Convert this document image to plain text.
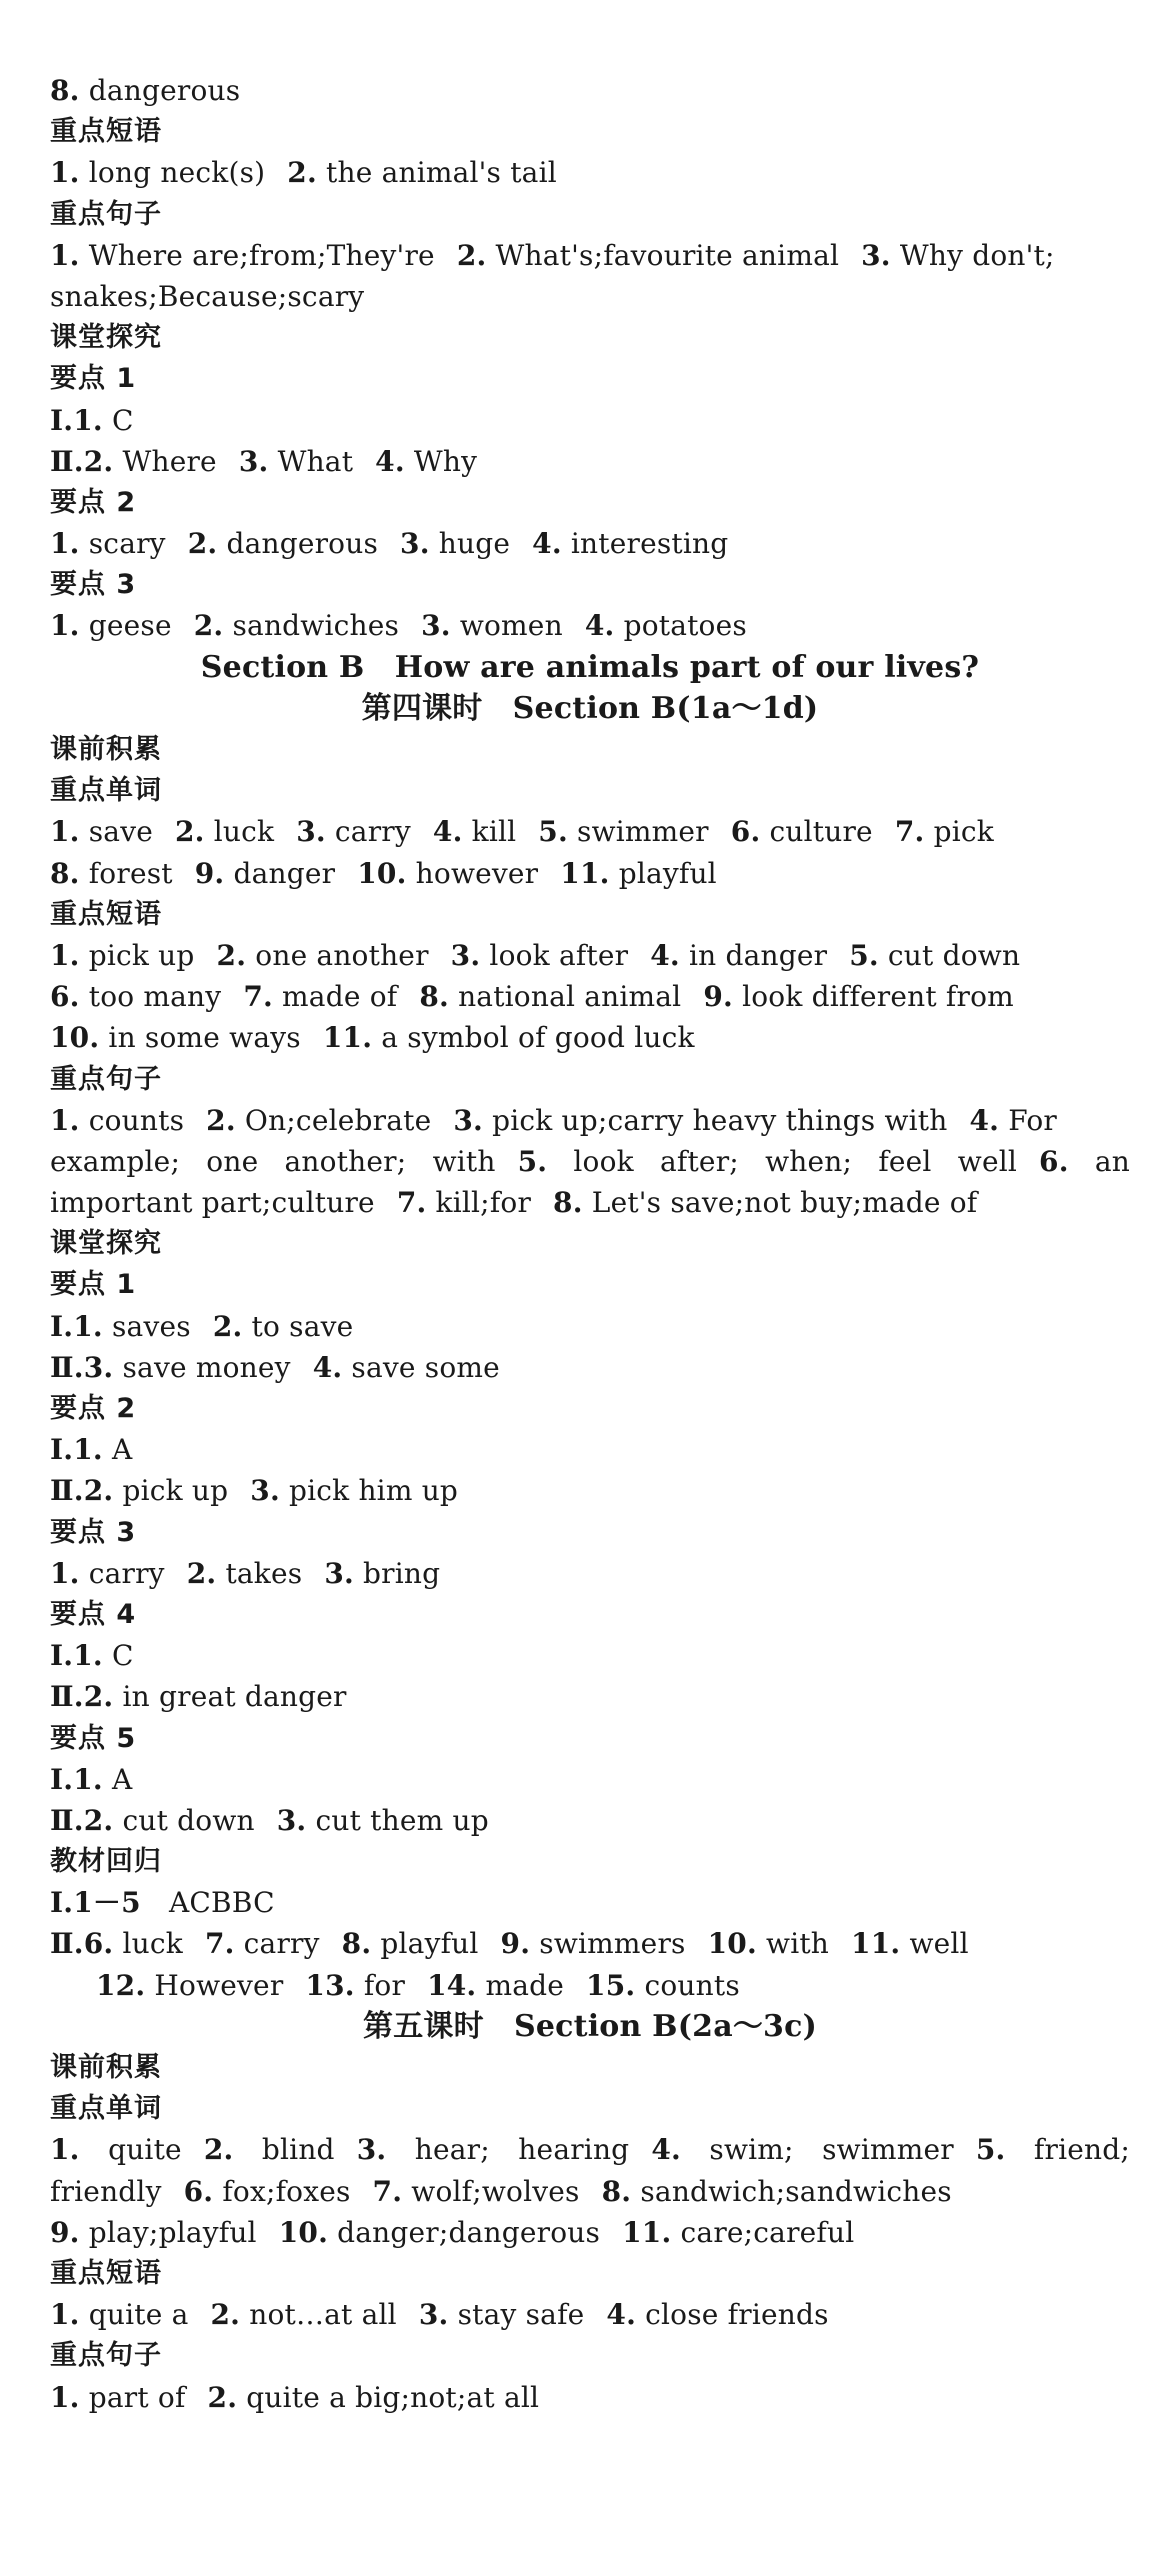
8. dangerous
重点短语
1. long neck(s) 2. the animal's tail
重点句子
1. Where are;from;They're 2. What's;favourite animal 3. Why don't;
snakes;Because;scary
课堂探究
要点 1
Ⅰ.1. C
Ⅱ.2. Where 3. What 4. Why
要点 2
1. scary 2. dangerous 3. huge 4. interesting
要点 3
1. geese 2. sandwiches 3. women 4. potatoes
Section B　How are animals part of our lives?
第四课时　Section B(1a～1d)
课前积累
重点单词
1. save 2. luck 3. carry 4. kill 5. swimmer 6. culture 7. pick
8. forest 9. danger 10. however 11. playful
重点短语
1. pick up 2. one another 3. look after 4. in danger 5. cut down
6. too many 7. made of 8. national animal 9. look different from
10. in some ways 11. a symbol of good luck
重点句子
1. counts 2. On;celebrate 3. pick up;carry heavy things with 4. For
example; one another; with 5. look after; when; feel well 6. an
important part;culture 7. kill;for 8. Let's save;not buy;made of
课堂探究
要点 1
Ⅰ.1. saves 2. to save
Ⅱ.3. save money 4. save some
要点 2
Ⅰ.1. A
Ⅱ.2. pick up 3. pick him up
要点 3
1. carry 2. takes 3. bring
要点 4
Ⅰ.1. C
Ⅱ.2. in great danger
要点 5
Ⅰ.1. A
Ⅱ.2. cut down 3. cut them up
教材回归
Ⅰ.1－5　ACBBC
Ⅱ.6. luck 7. carry 8. playful 9. swimmers 10. with 11. well
12. However 13. for 14. made 15. counts
第五课时　Section B(2a～3c)
课前积累
重点单词
1. quite 2. blind 3. hear; hearing 4. swim; swimmer 5. friend;
friendly 6. fox;foxes 7. wolf;wolves 8. sandwich;sandwiches
9. play;playful 10. danger;dangerous 11. care;careful
重点短语
1. quite a 2. not…at all 3. stay safe 4. close friends
重点句子
1. part of 2. quite a big;not;at all
